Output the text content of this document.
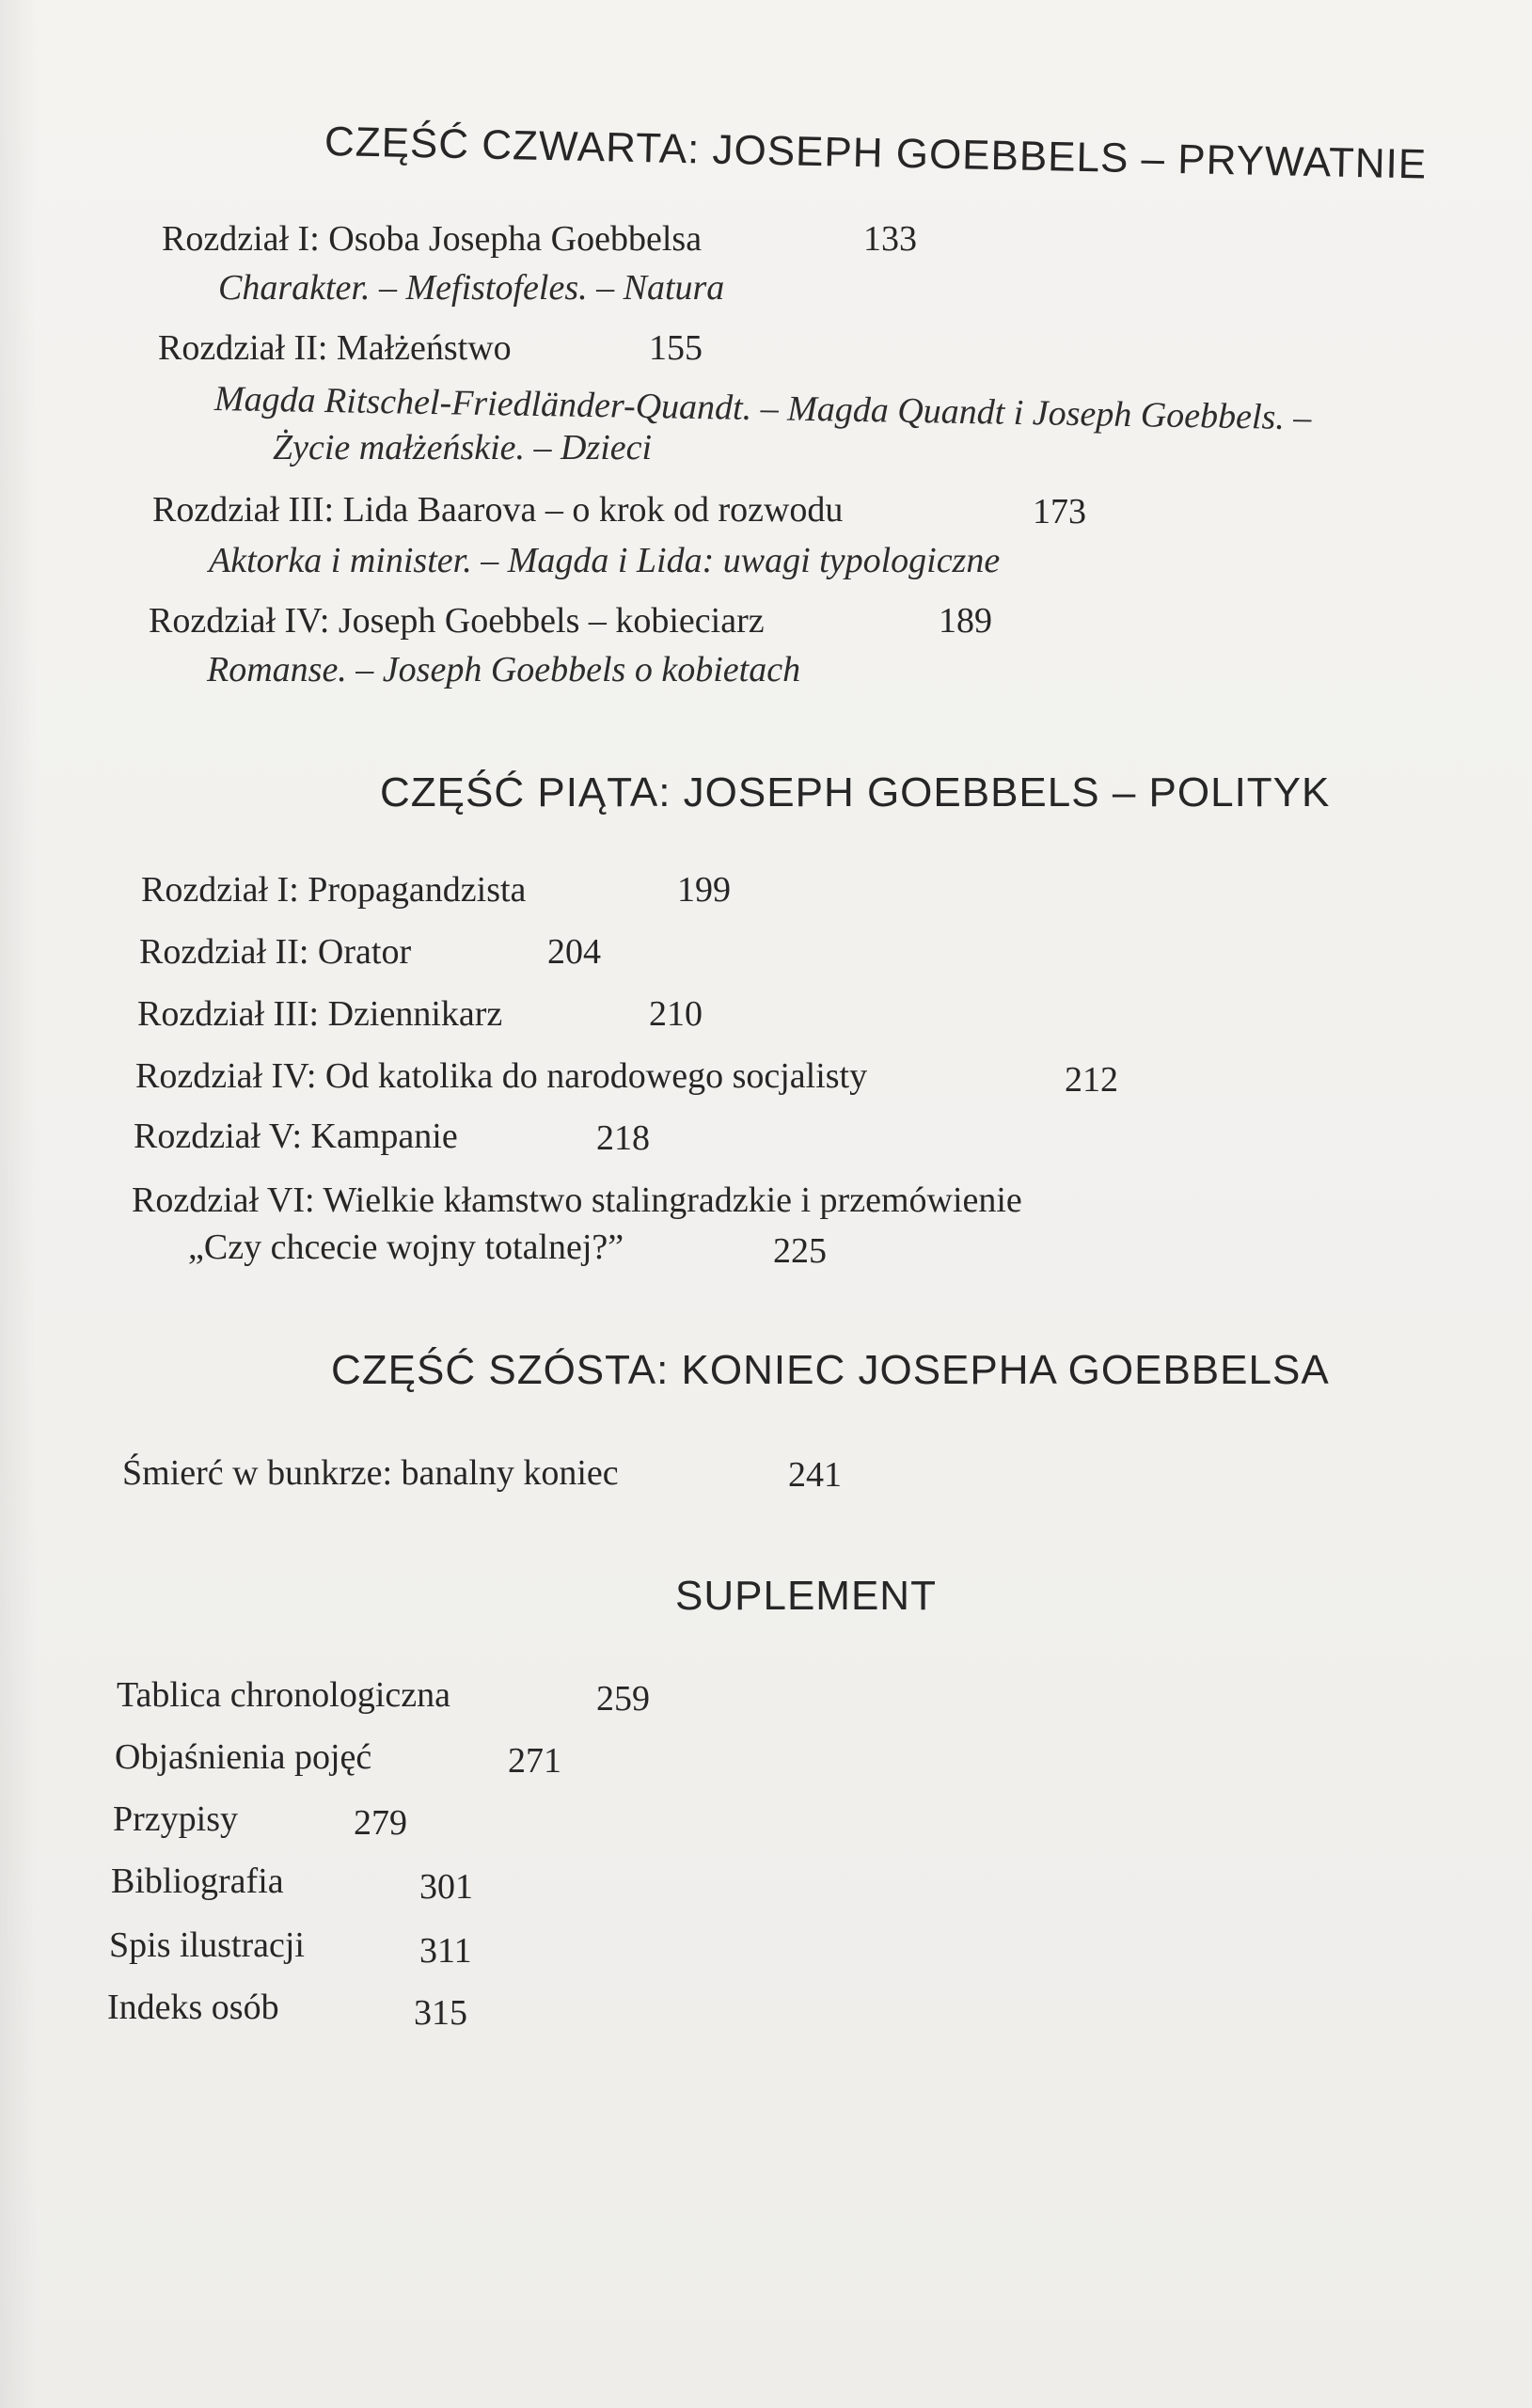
CZĘŚĆ CZWARTA: JOSEPH GOEBBELS – PRYWATNIE
Rozdział I: Osoba Josepha Goebbelsa	133
Charakter. – Mefistofeles. – Natura
Rozdział II: Małżeństwo	155
Magda Ritschel-Friedländer-Quandt. – Magda Quandt i Joseph Goebbels. –
Życie małżeńskie. – Dzieci
Rozdział III: Lida Baarova – o krok od rozwodu	173
Aktorka i minister. – Magda i Lida: uwagi typologiczne
Rozdział IV: Joseph Goebbels – kobieciarz	189
Romanse. – Joseph Goebbels o kobietach
CZĘŚĆ PIĄTA: JOSEPH GOEBBELS – POLITYK
Rozdział I: Propagandzista	199
Rozdział II: Orator	204
Rozdział III: Dziennikarz	210
Rozdział IV: Od katolika do narodowego socjalisty	212
Rozdział V: Kampanie	218
Rozdział VI: Wielkie kłamstwo stalingradzkie i przemówienie
„Czy chcecie wojny totalnej?”	225
CZĘŚĆ SZÓSTA: KONIEC JOSEPHA GOEBBELSA
Śmierć w bunkrze: banalny koniec	241
SUPLEMENT
Tablica chronologiczna	259
Objaśnienia pojęć	271
Przypisy	279
Bibliografia	301
Spis ilustracji	311
Indeks osób	315
